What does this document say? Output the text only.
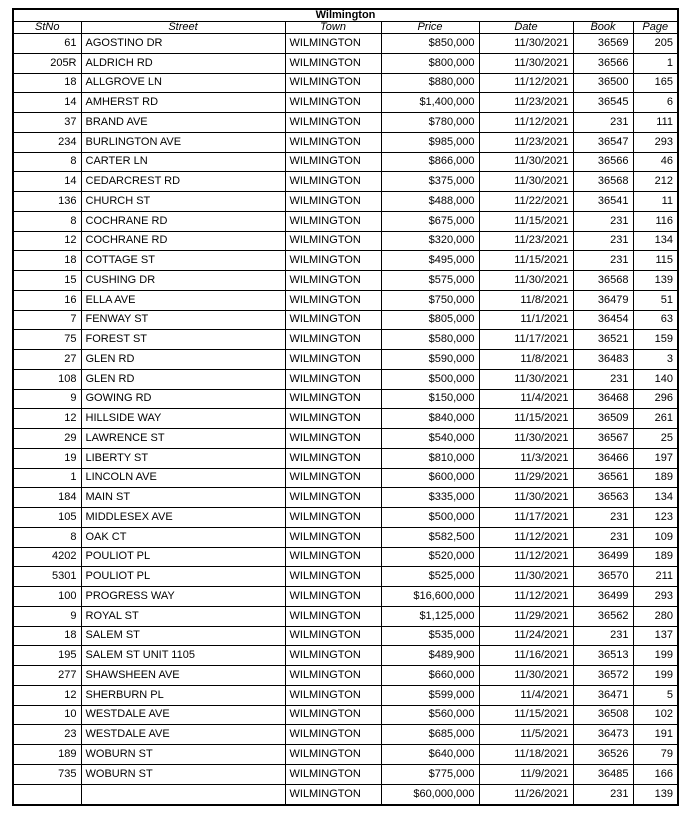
Wilmington						
StNo	Street	Town	Price	Date	Book	Page
61	AGOSTINO DR	WILMINGTON	$850,000	11/30/2021	36569	205
205R	ALDRICH RD	WILMINGTON	$800,000	11/30/2021	36566	1
18	ALLGROVE LN	WILMINGTON	$880,000	11/12/2021	36500	165
14	AMHERST RD	WILMINGTON	$1,400,000	11/23/2021	36545	6
37	BRAND AVE	WILMINGTON	$780,000	11/12/2021	231	111
234	BURLINGTON AVE	WILMINGTON	$985,000	11/23/2021	36547	293
8	CARTER LN	WILMINGTON	$866,000	11/30/2021	36566	46
14	CEDARCREST RD	WILMINGTON	$375,000	11/30/2021	36568	212
136	CHURCH ST	WILMINGTON	$488,000	11/22/2021	36541	11
8	COCHRANE RD	WILMINGTON	$675,000	11/15/2021	231	116
12	COCHRANE RD	WILMINGTON	$320,000	11/23/2021	231	134
18	COTTAGE ST	WILMINGTON	$495,000	11/15/2021	231	115
15	CUSHING DR	WILMINGTON	$575,000	11/30/2021	36568	139
16	ELLA AVE	WILMINGTON	$750,000	11/8/2021	36479	51
7	FENWAY ST	WILMINGTON	$805,000	11/1/2021	36454	63
75	FOREST ST	WILMINGTON	$580,000	11/17/2021	36521	159
27	GLEN RD	WILMINGTON	$590,000	11/8/2021	36483	3
108	GLEN RD	WILMINGTON	$500,000	11/30/2021	231	140
9	GOWING RD	WILMINGTON	$150,000	11/4/2021	36468	296
12	HILLSIDE WAY	WILMINGTON	$840,000	11/15/2021	36509	261
29	LAWRENCE ST	WILMINGTON	$540,000	11/30/2021	36567	25
19	LIBERTY ST	WILMINGTON	$810,000	11/3/2021	36466	197
1	LINCOLN AVE	WILMINGTON	$600,000	11/29/2021	36561	189
184	MAIN ST	WILMINGTON	$335,000	11/30/2021	36563	134
105	MIDDLESEX AVE	WILMINGTON	$500,000	11/17/2021	231	123
8	OAK CT	WILMINGTON	$582,500	11/12/2021	231	109
4202	POULIOT PL	WILMINGTON	$520,000	11/12/2021	36499	189
5301	POULIOT PL	WILMINGTON	$525,000	11/30/2021	36570	211
100	PROGRESS WAY	WILMINGTON	$16,600,000	11/12/2021	36499	293
9	ROYAL ST	WILMINGTON	$1,125,000	11/29/2021	36562	280
18	SALEM ST	WILMINGTON	$535,000	11/24/2021	231	137
195	SALEM ST UNIT 1105	WILMINGTON	$489,900	11/16/2021	36513	199
277	SHAWSHEEN AVE	WILMINGTON	$660,000	11/30/2021	36572	199
12	SHERBURN PL	WILMINGTON	$599,000	11/4/2021	36471	5
10	WESTDALE AVE	WILMINGTON	$560,000	11/15/2021	36508	102
23	WESTDALE AVE	WILMINGTON	$685,000	11/5/2021	36473	191
189	WOBURN ST	WILMINGTON	$640,000	11/18/2021	36526	79
735	WOBURN ST	WILMINGTON	$775,000	11/9/2021	36485	166
		WILMINGTON	$60,000,000	11/26/2021	231	139
